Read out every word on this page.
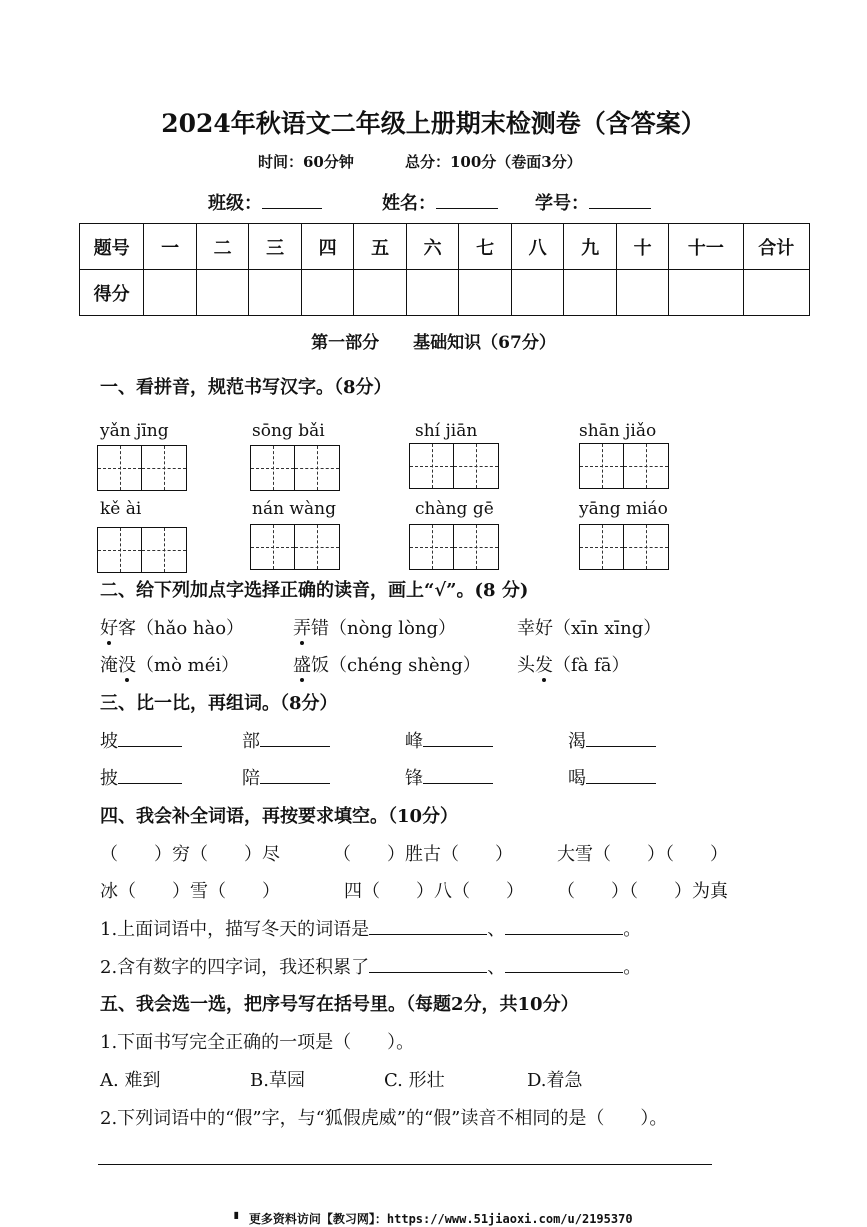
2024年秋语文二年级上册期末检测卷（含答案）
时间：60分钟	总分：100分（卷面3分）
班级：	姓名：	学号：
题号	一	二	三	四	五	六	七	八	九	十	十一	合计
得分												
第一部分　　基础知识（67分）
一、看拼音，规范书写汉字。（8分）
yǎn jīng	sōng bǎi	shí jiān	shān jiǎo
kě ài	nán wàng	chàng gē	yāng miáo
二、给下列加点字选择正确的读音，画上“√”。(8 分)
好客（hǎo hào）	弄错（nòng lòng）	幸好（xīn xīng）
淹没（mò méi）	盛饭（chéng shèng） 头发（fà fā）
三、比一比，再组词。（8分）
坡	部	峰	渴
披	陪	锋	喝
四、我会补全词语，再按要求填空。（10分）
（　　）穷（　　）尽	（　　）胜古（　　） 大雪（　　）（　　）
冰（　　）雪（　　）	四（　　）八（　　） （　　）（　　）为真
1.上面词语中，描写冬天的词语是	、	。
2.含有数字的四字词，我还积累了	、	。
五、我会选一选，把序号写在括号里。（每题2分，共10分）
1.下面书写完全正确的一项是（　　）。
A. 难到	B.草园	C. 形壮	D.着急
2.下列词语中的“假”字，与“狐假虎威”的“假”读音不相同的是（　　）。
▘ 更多资料访问【教习网】：https://www.51jiaoxi.com/u/2195370
